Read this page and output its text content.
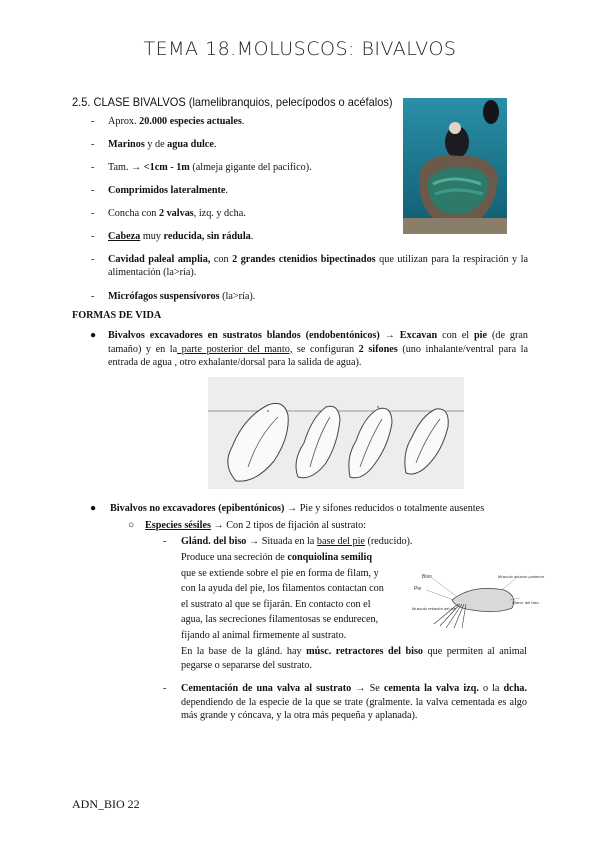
TEMA 18.MOLUSCOS: BIVALVOS
2.5. CLASE BIVALVOS (lamelibranquios, pelecípodos o acéfalos)
- Aprox. 20.000 especies actuales.
- Marinos y de agua dulce.
- Tam. → <1cm - 1m (almeja gigante del pacifico).
- Comprimidos lateralmente.
- Concha con 2 valvas, izq. y dcha.
- Cabeza muy reducida, sin rádula.
- Cavidad paleal amplia, con 2 grandes ctenidios bipectinados que utilizan para la respiración y la alimentación (la>ría).
- Micrófagos suspensívoros (la>ría).
FORMAS DE VIDA
● Bivalvos excavadores en sustratos blandos (endobentónicos) → Excavan con el pie (de gran tamaño) y en la parte posterior del manto, se configuran 2 sifones (uno inhalante/ventral para la entrada de agua , otro exhalante/dorsal para la salida de agua).
● Bivalvos no excavadores (epibentónicos) → Pie y sifones reducidos o totalmente ausentes
○ Especies sésiles → Con 2 tipos de fijación al sustrato:
- Glánd. del biso → Situada en la base del pie (reducido).
Produce una secreción de conquiolina semiliq
que se extiende sobre el pie en forma de filam, y
con la ayuda del pie, los filamentos contactan con
el sustrato al que se fijarán. En contacto con el
agua, las secreciones filamentosas se endurecen,
fijando al animal firmemente al sustrato.
Biso
Pie
Músculo aductor posterior
Gland. del biso
Músculo retractor del pie
En la base de la glánd. hay músc. retractores del biso que permiten al animal pegarse o separarse del sustrato.
- Cementación de una valva al sustrato → Se cementa la valva izq. o la dcha. dependiendo de la especie de la que se trate (gralmente. la valva cementada es algo más grande y cóncava, y la otra más pequeña y aplanada).
ADN_BIO 22
